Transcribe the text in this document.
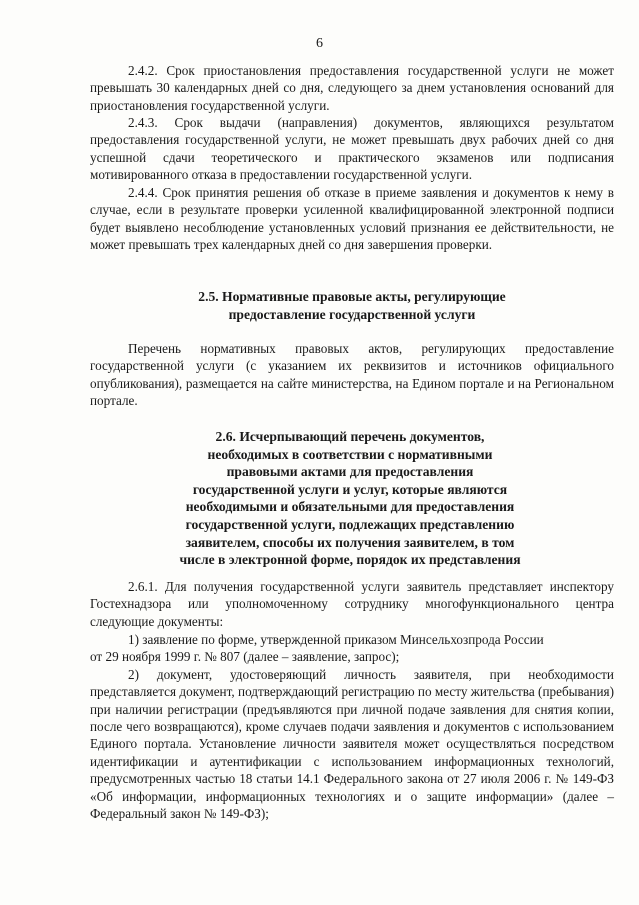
6

2.4.2. Срок приостановления предоставления государственной услуги не может превышать 30 календарных дней со дня, следующего за днем установления оснований для приостановления государственной услуги.

2.4.3. Срок выдачи (направления) документов, являющихся результатом предоставления государственной услуги, не может превышать двух рабочих дней со дня успешной сдачи теоретического и практического экзаменов или подписания мотивированного отказа в предоставлении государственной услуги.

2.4.4. Срок принятия решения об отказе в приеме заявления и документов к нему в случае, если в результате проверки усиленной квалифицированной электронной подписи будет выявлено несоблюдение установленных условий признания ее действительности, не может превышать трех календарных дней со дня завершения проверки.

2.5. Нормативные правовые акты, регулирующие
предоставление государственной услуги

Перечень нормативных правовых актов, регулирующих предоставление государственной услуги (с указанием их реквизитов и источников официального опубликования), размещается на сайте министерства, на Едином портале и на Региональном портале.

2.6. Исчерпывающий перечень документов,
необходимых в соответствии с нормативными
правовыми актами для предоставления
государственной услуги и услуг, которые являются
необходимыми и обязательными для предоставления
государственной услуги, подлежащих представлению
заявителем, способы их получения заявителем, в том
числе в электронной форме, порядок их представления

2.6.1. Для получения государственной услуги заявитель представляет инспектору Гостехнадзора или уполномоченному сотруднику многофункционального центра следующие документы:

1) заявление по форме, утвержденной приказом Минсельхозпрода России
от 29 ноября 1999 г. № 807 (далее – заявление, запрос);
2) документ, удостоверяющий личность заявителя, при необходимости представляется документ, подтверждающий регистрацию по месту жительства (пребывания) при наличии регистрации (предъявляются при личной подаче заявления для снятия копии, после чего возвращаются), кроме случаев подачи заявления и документов с использованием Единого портала. Установление личности заявителя может осуществляться посредством идентификации и аутентификации с использованием информационных технологий, предусмотренных частью 18 статьи 14.1 Федерального закона от 27 июля 2006 г. № 149-ФЗ «Об информации, информационных технологиях и о защите информации» (далее – Федеральный закон № 149-ФЗ);
